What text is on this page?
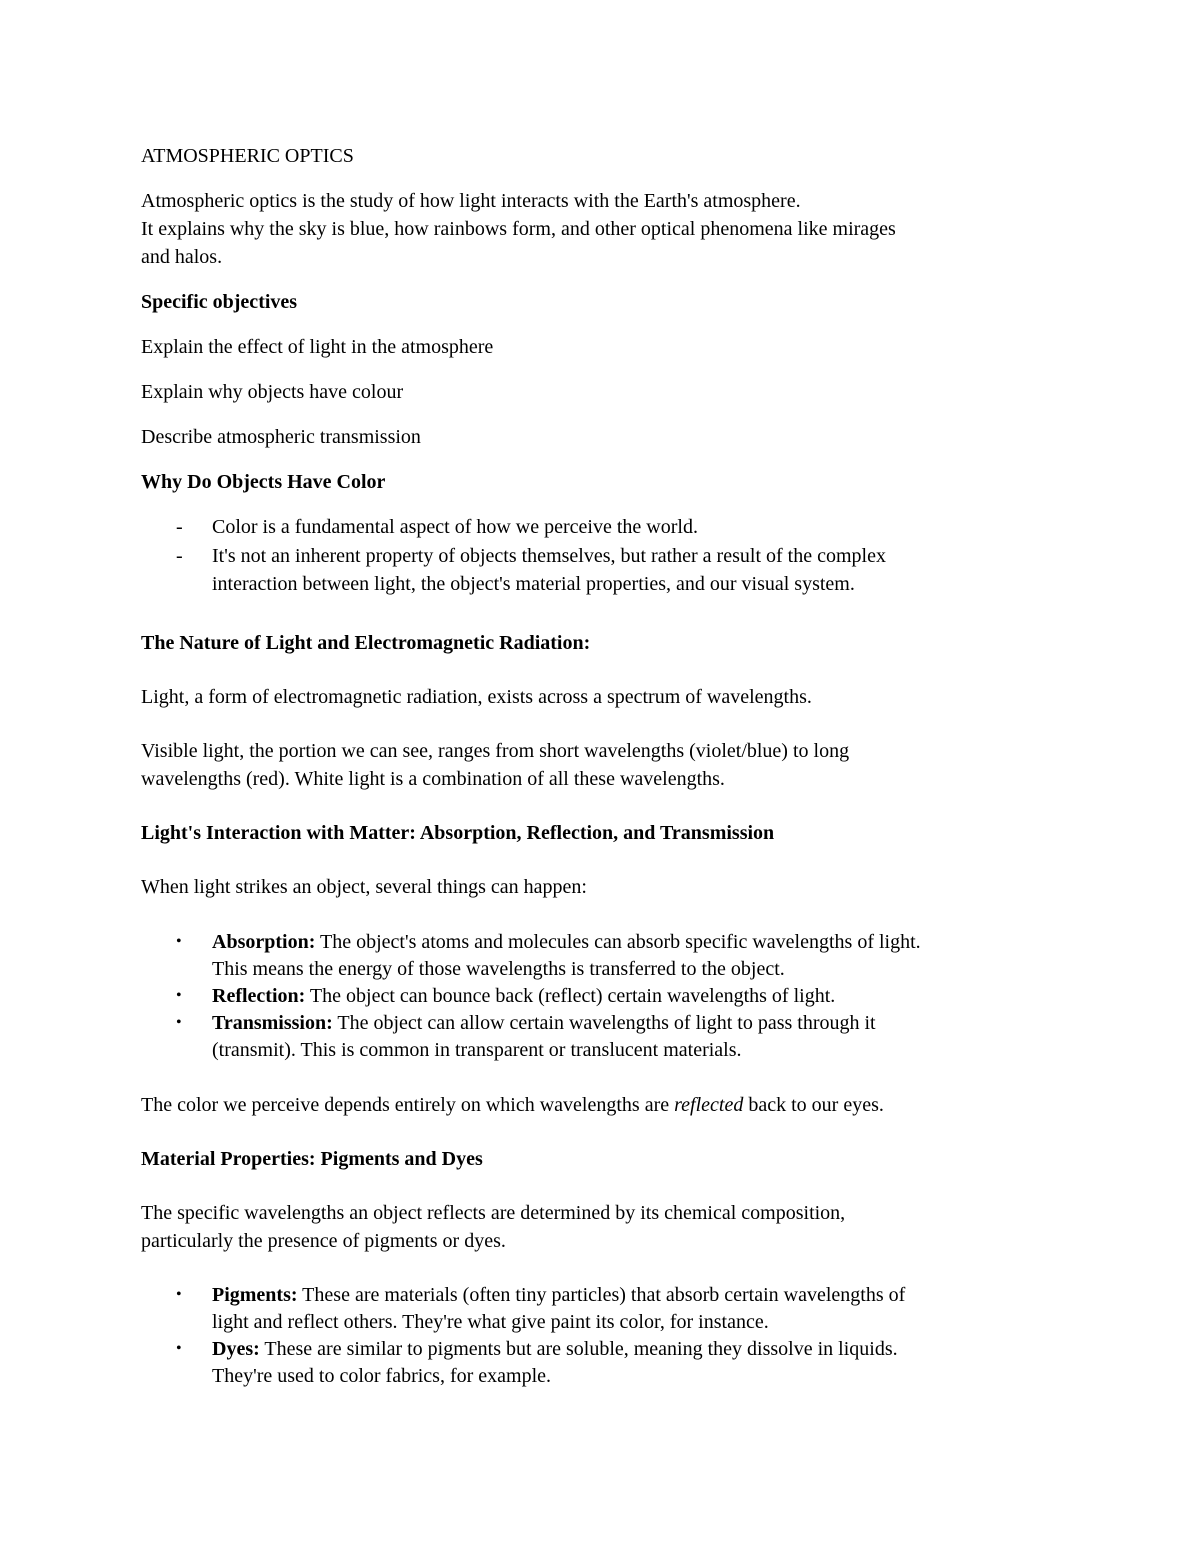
ATMOSPHERIC OPTICS
Atmospheric optics is the study of how light interacts with the Earth's atmosphere.
It explains why the sky is blue, how rainbows form, and other optical phenomena like mirages
and halos.
Specific objectives
Explain the effect of light in the atmosphere
Explain why objects have colour
Describe atmospheric transmission
Why Do Objects Have Color
- Color is a fundamental aspect of how we perceive the world.
- It's not an inherent property of objects themselves, but rather a result of the complex
interaction between light, the object's material properties, and our visual system.
The Nature of Light and Electromagnetic Radiation:
Light, a form of electromagnetic radiation, exists across a spectrum of wavelengths.
Visible light, the portion we can see, ranges from short wavelengths (violet/blue) to long
wavelengths (red). White light is a combination of all these wavelengths.
Light's Interaction with Matter: Absorption, Reflection, and Transmission
When light strikes an object, several things can happen:
• Absorption: The object's atoms and molecules can absorb specific wavelengths of light.
This means the energy of those wavelengths is transferred to the object.
• Reflection: The object can bounce back (reflect) certain wavelengths of light.
• Transmission: The object can allow certain wavelengths of light to pass through it
(transmit). This is common in transparent or translucent materials.
The color we perceive depends entirely on which wavelengths are reflected back to our eyes.
Material Properties: Pigments and Dyes
The specific wavelengths an object reflects are determined by its chemical composition,
particularly the presence of pigments or dyes.
• Pigments: These are materials (often tiny particles) that absorb certain wavelengths of
light and reflect others. They're what give paint its color, for instance.
• Dyes: These are similar to pigments but are soluble, meaning they dissolve in liquids.
They're used to color fabrics, for example.
